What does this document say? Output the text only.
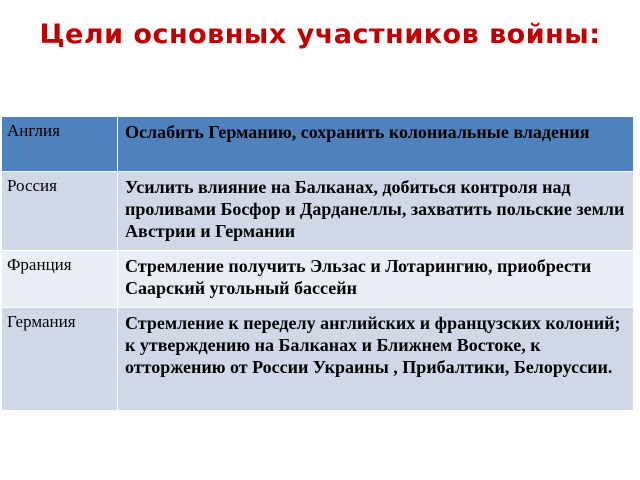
Цели основных участников войны:
Англия	Ослабить Германию, сохранить колониальные владения
Россия	Усилить влияние на Балканах, добиться контроля над проливами Босфор и Дарданеллы, захватить польские земли Австрии и Германии
Франция	Стремление получить Эльзас и Лотарингию, приобрести Саарский угольный бассейн
Германия	Стремление к переделу английских и французских колоний; к утверждению на Балканах и Ближнем Востоке, к отторжению от России Украины , Прибалтики, Белоруссии.
